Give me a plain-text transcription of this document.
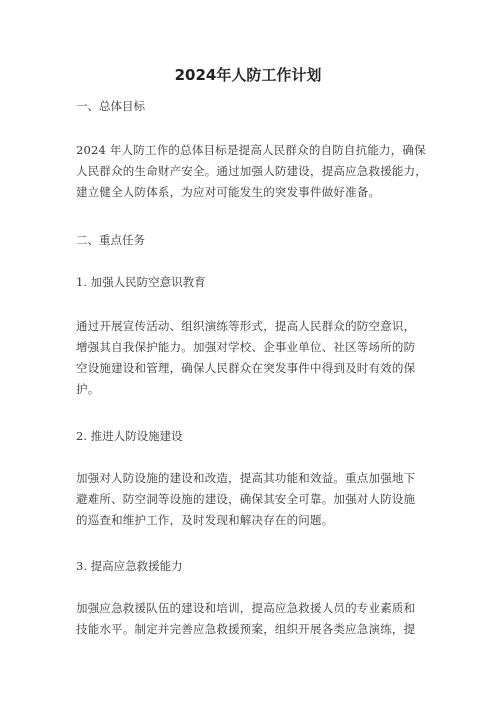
2024年人防工作计划
一、总体目标
2024 年人防工作的总体目标是提高人民群众的自防自抗能力，确保
人民群众的生命财产安全。通过加强人防建设，提高应急救援能力，
建立健全人防体系，为应对可能发生的突发事件做好准备。
二、重点任务
1. 加强人民防空意识教育
通过开展宣传活动、组织演练等形式，提高人民群众的防空意识，
增强其自我保护能力。加强对学校、企事业单位、社区等场所的防
空设施建设和管理，确保人民群众在突发事件中得到及时有效的保
护。
2. 推进人防设施建设
加强对人防设施的建设和改造，提高其功能和效益。重点加强地下
避难所、防空洞等设施的建设，确保其安全可靠。加强对人防设施
的巡查和维护工作，及时发现和解决存在的问题。
3. 提高应急救援能力
加强应急救援队伍的建设和培训，提高应急救援人员的专业素质和
技能水平。制定并完善应急救援预案，组织开展各类应急演练，提
